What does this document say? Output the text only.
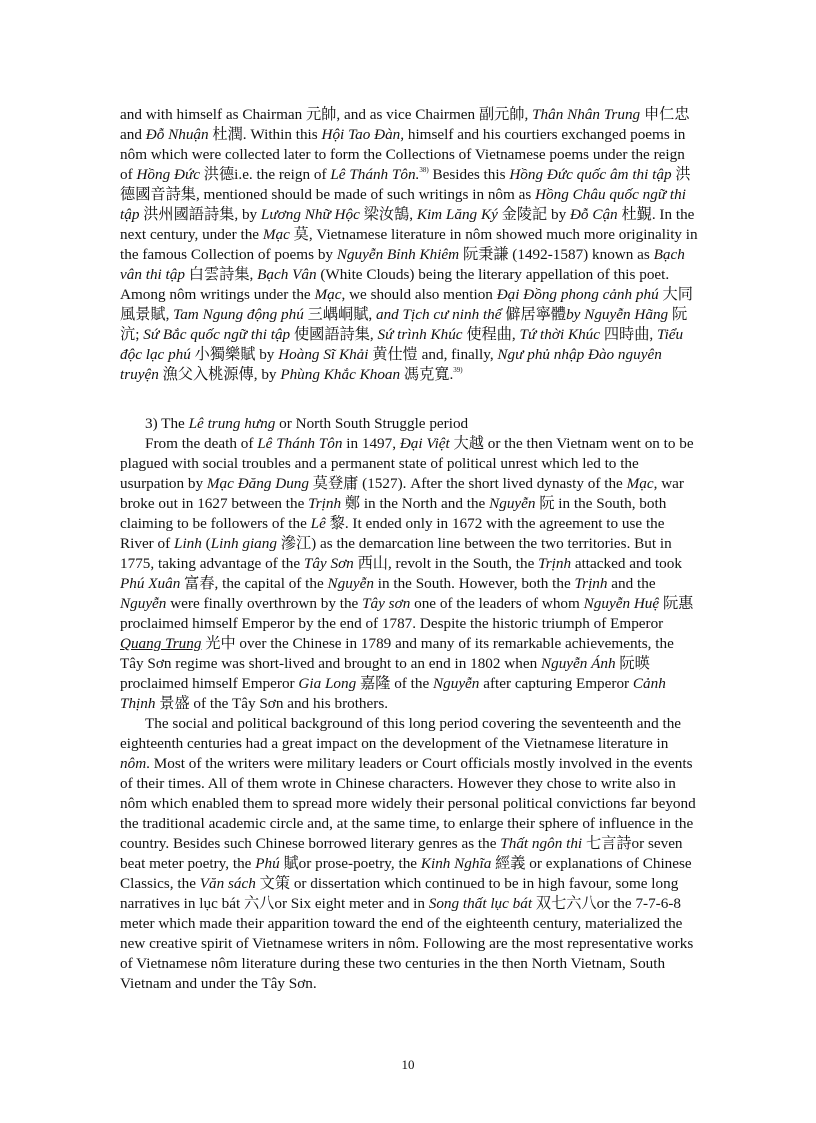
and with himself as Chairman 元帥, and as vice Chairmen 副元帥, Thân Nhân Trung 申仁忠and Đỗ Nhuận 杜潤. Within this Hội Tao Đàn, himself and his courtiers exchanged poems in nôm which were collected later to form the Collections of Vietnamese poems under the reign of Hồng Đức 洪德i.e. the reign of Lê Thánh Tôn.$^{38)}$ Besides this Hồng Đức quốc âm thi tập 洪德國音詩集, mentioned should be made of such writings in nôm as Hồng Châu quốc ngữ thi tập 洪州國語詩集, by Lương Nhữ Hộc 梁汝鵠, Kim Lăng Ký 金陵記 by Đỗ Cận 杜覲. In the next century, under the Mạc 莫, Vietnamese literature in nôm showed much more originality in the famous Collection of poems by Nguyễn Bỉnh Khiêm 阮秉謙 (1492-1587) known as Bạch vân thi tập 白雲詩集, Bạch Vân (White Clouds) being the literary appellation of this poet. Among nôm writings under the Mạc, we should also mention Đại Đồng phong cảnh phú 大同風景賦, Tam Ngung động phú 三嵎峒賦, and Tịch cư ninh thể 僻居寧體by Nguyễn Hãng 阮沆; Sứ Bắc quốc ngữ thi tập 使國語詩集, Sứ trình Khúc 使程曲, Tứ thời Khúc 四時曲, Tiểu độc lạc phú 小獨樂賦 by Hoàng Sĩ Khải 黄仕愷 and, finally, Ngư phủ nhập Đào nguyên truyện 漁父入桃源傳, by Phùng Khắc Khoan 馮克寬.$^{39)}$

3) The Lê trung hưng or North South Struggle period

From the death of Lê Thánh Tôn in 1497, Đại Việt 大越 or the then Vietnam went on to be plagued with social troubles and a permanent state of political unrest which led to the usurpation by Mạc Đăng Dung 莫登庸 (1527). After the short lived dynasty of the Mạc, war broke out in 1627 between the Trịnh 鄭 in the North and the Nguyễn 阮 in the South, both claiming to be followers of the Lê 黎. It ended only in 1672 with the agreement to use the River of Linh (Linh giang 滲江) as the demarcation line between the two territories. But in 1775, taking advantage of the Tây Sơn 西山, revolt in the South, the Trịnh attacked and took Phú Xuân 富春, the capital of the Nguyễn in the South. However, both the Trịnh and the Nguyễn were finally overthrown by the Tây sơn one of the leaders of whom Nguyễn Huệ 阮惠 proclaimed himself Emperor by the end of 1787. Despite the historic triumph of Emperor Quang Trung 光中 over the Chinese in 1789 and many of its remarkable achievements, the Tây Sơn regime was short-lived and brought to an end in 1802 when Nguyễn Ánh 阮暎 proclaimed himself Emperor Gia Long 嘉隆 of the Nguyễn after capturing Emperor Cảnh Thịnh 景盛 of the Tây Sơn and his brothers.

The social and political background of this long period covering the seventeenth and the eighteenth centuries had a great impact on the development of the Vietnamese literature in nôm. Most of the writers were military leaders or Court officials mostly involved in the events of their times. All of them wrote in Chinese characters. However they chose to write also in nôm which enabled them to spread more widely their personal political convictions far beyond the traditional academic circle and, at the same time, to enlarge their sphere of influence in the country. Besides such Chinese borrowed literary genres as the Thất ngôn thi 七言詩or seven beat meter poetry, the Phú 賦or prose-poetry, the Kinh Nghĩa 經義 or explanations of Chinese Classics, the Văn sách 文策 or dissertation which continued to be in high favour, some long narratives in lục bát 六八or Six eight meter and in Song thất lục bát 双七六八or the 7-7-6-8 meter which made their apparition toward the end of the eighteenth century, materialized the new creative spirit of Vietnamese writers in nôm. Following are the most representative works of Vietnamese nôm literature during these two centuries in the then North Vietnam, South Vietnam and under the Tây Sơn.

10
